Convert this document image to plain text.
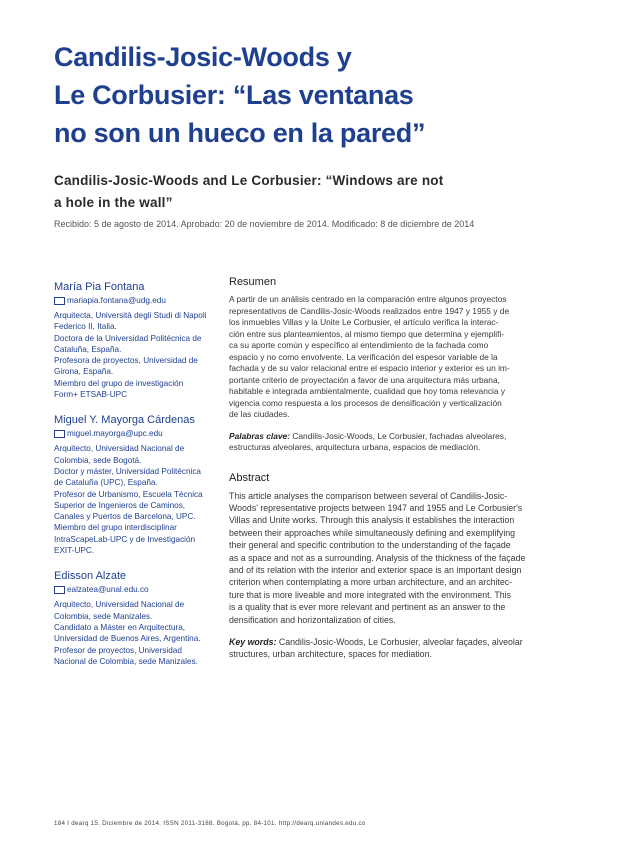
Candilis-Josic-Woods y
Le Corbusier: “Las ventanas
no son un hueco en la pared”
Candilis-Josic-Woods and Le Corbusier: “Windows are not
a hole in the wall”
Recibido: 5 de agosto de 2014. Aprobado: 20 de noviembre de 2014. Modificado: 8 de diciembre de 2014
María Pia Fontana
mariapia.fontana@udg.edu
Arquitecta, Università degli Studi di Napoli
Federico II, Italia.
Doctora de la Universidad Politécnica de
Cataluña, España.
Profesora de proyectos, Universidad de
Girona, España.
Miembro del grupo de investigación
Form+ ETSAB-UPC
Miguel Y. Mayorga Cárdenas
miguel.mayorga@upc.edu
Arquitecto, Universidad Nacional de
Colombia, sede Bogotá.
Doctor y máster, Universidad Politécnica
de Cataluña (UPC), España.
Profesor de Urbanismo, Escuela Técnica
Superior de Ingenieros de Caminos,
Canales y Puertos de Barcelona, UPC.
Miembro del grupo interdisciplinar
IntraScapeLab-UPC y de Investigación
EXIT-UPC.
Edisson Alzate
ealzatea@unal.edu.co
Arquitecto, Universidad Nacional de
Colombia, sede Manizales.
Candidato a Máster en Arquitectura,
Universidad de Buenos Aires, Argentina.
Profesor de proyectos, Universidad
Nacional de Colombia, sede Manizales.
Resumen
A partir de un análisis centrado en la comparación entre algunos proyectos
representativos de Candilis-Josic-Woods realizados entre 1947 y 1955 y de
los inmuebles Villas y la Unite Le Corbusier, el artículo verifica la interac-
ción entre sus planteamientos, al mismo tiempo que determina y ejemplifi-
ca su aporte común y específico al entendimiento de la fachada como
espacio y no como envolvente. La verificación del espesor variable de la
fachada y de su valor relacional entre el espacio interior y exterior es un im-
portante criterio de proyectación a favor de una arquitectura más urbana,
habitable e integrada ambientalmente, cualidad que hoy toma relevancia y
vigencia como respuesta a los procesos de densificación y verticalización
de las ciudades.
Palabras clave: Candilis-Josic-Woods, Le Corbusier, fachadas alveolares,
estructuras alveolares, arquitectura urbana, espacios de mediación.
Abstract
This article analyses the comparison between several of Candilis-Josic-
Woods' representative projects between 1947 and 1955 and Le Corbusier's
Villas and Unite works. Through this analysis it establishes the interaction
between their approaches while simultaneously defining and exemplifying
their general and specific contribution to the understanding of the façade
as a space and not as a surrounding. Analysis of the thickness of the façade
and of its relation with the interior and exterior space is an important design
criterion when contemplating a more urban architecture, and an architec-
ture that is more liveable and more integrated with the environment. This
is a quality that is ever more relevant and pertinent as an answer to the
densification and horizontalization of cities.
Key words: Candilis-Josic-Woods, Le Corbusier, alveolar façades, alveolar
structures, urban architecture, spaces for mediation.
184 I dearq 15. Diciembre de 2014. ISSN 2011-3188. Bogotá, pp. 84-101. http://dearq.uniandes.edu.co
